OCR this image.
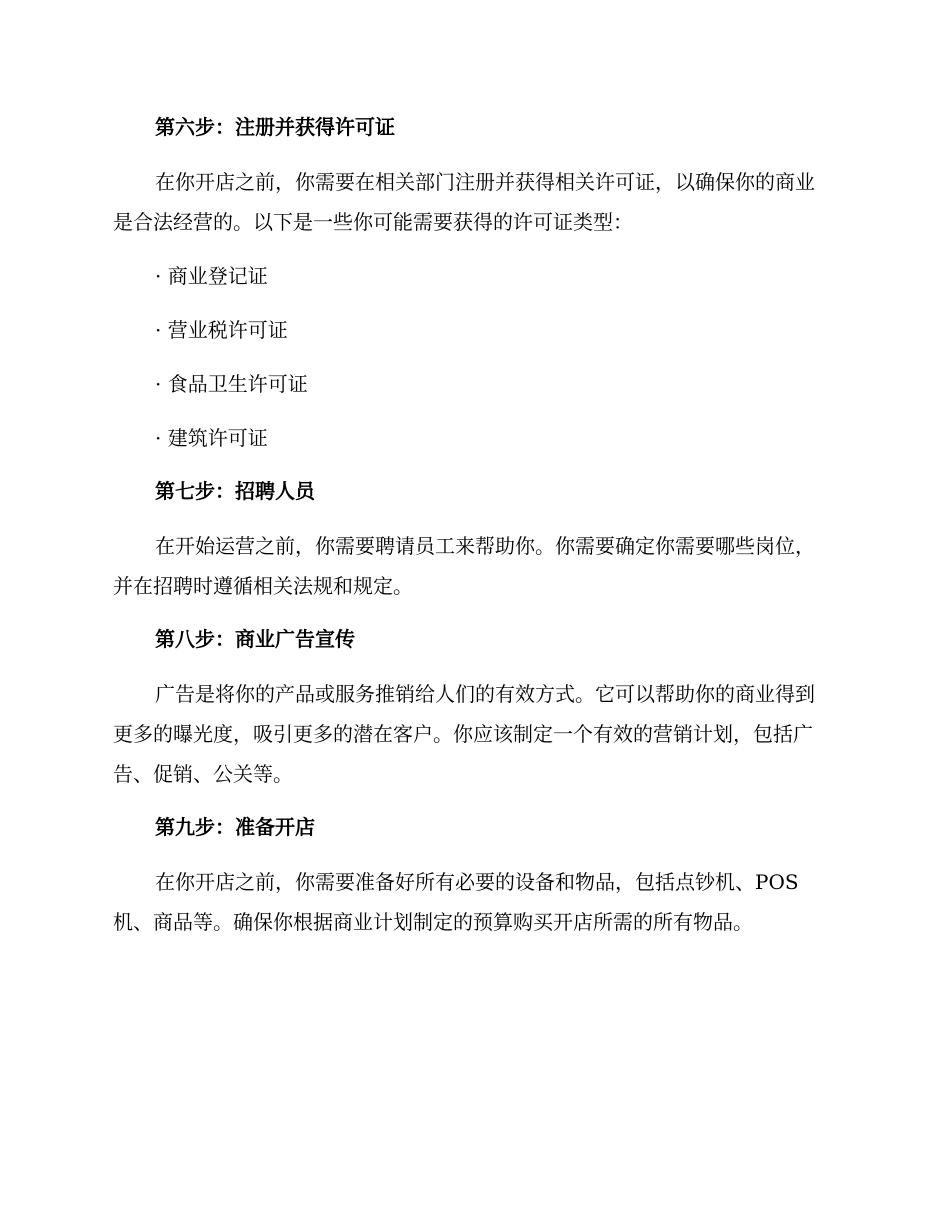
第六步：注册并获得许可证

在你开店之前，你需要在相关部门注册并获得相关许可证，以确保你的商业是合法经营的。以下是一些你可能需要获得的许可证类型：

· 商业登记证

· 营业税许可证

· 食品卫生许可证

· 建筑许可证

第七步：招聘人员

在开始运营之前，你需要聘请员工来帮助你。你需要确定你需要哪些岗位，并在招聘时遵循相关法规和规定。

第八步：商业广告宣传

广告是将你的产品或服务推销给人们的有效方式。它可以帮助你的商业得到更多的曝光度，吸引更多的潜在客户。你应该制定一个有效的营销计划，包括广告、促销、公关等。

第九步：准备开店

在你开店之前，你需要准备好所有必要的设备和物品，包括点钞机、POS 机、商品等。确保你根据商业计划制定的预算购买开店所需的所有物品。
